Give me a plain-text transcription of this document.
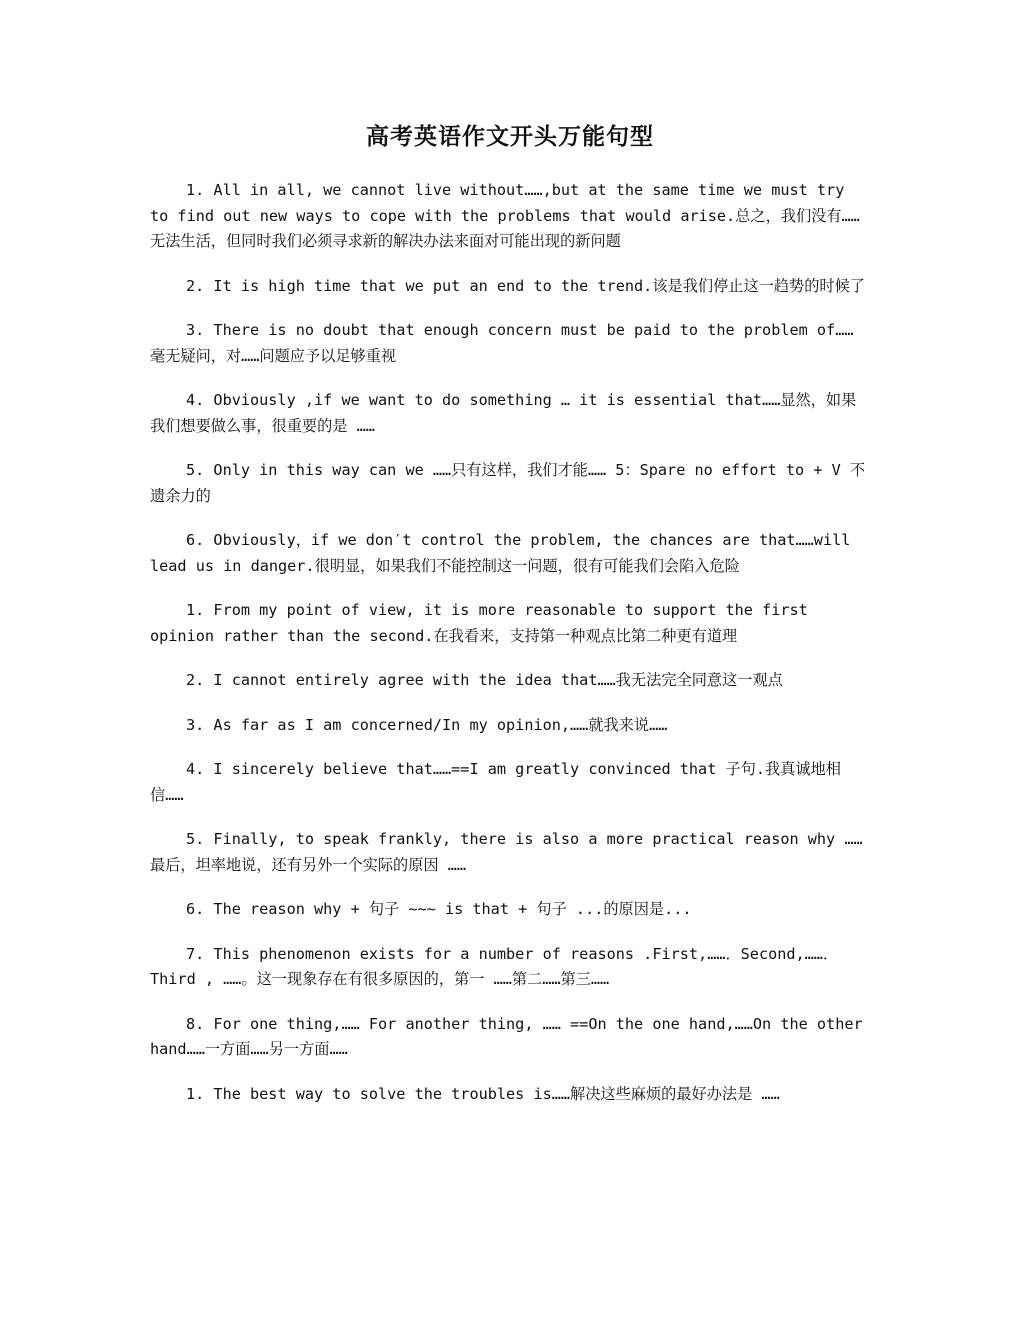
高考英语作文开头万能句型

1. All in all, we cannot live without……,but at the same time we must try to find out new ways to cope with the problems that would arise.总之，我们没有……无法生活，但同时我们必须寻求新的解决办法来面对可能出现的新问题

2. It is high time that we put an end to the trend.该是我们停止这一趋势的时候了

3. There is no doubt that enough concern must be paid to the problem of……毫无疑问，对……问题应予以足够重视

4. Obviously ,if we want to do something … it is essential that……显然，如果我们想要做么事，很重要的是 ……

5. Only in this way can we ……只有这样，我们才能…… 5：Spare no effort to + V 不遗余力的

6. Obviously，if we don′t control the problem, the chances are that……will lead us in danger.很明显，如果我们不能控制这一问题，很有可能我们会陷入危险

1. From my point of view, it is more reasonable to support the first opinion rather than the second.在我看来，支持第一种观点比第二种更有道理

2. I cannot entirely agree with the idea that……我无法完全同意这一观点

3. As far as I am concerned/In my opinion,……就我来说……

4. I sincerely believe that……==I am greatly convinced that 子句.我真诚地相信……

5. Finally, to speak frankly, there is also a more practical reason why ……最后，坦率地说，还有另外一个实际的原因 ……

6. The reason why + 句子 ~~~ is that + 句子 ...的原因是...

7. This phenomenon exists for a number of reasons .First,……．Second,……．Third , ……。这一现象存在有很多原因的，第一 ……第二……第三……

8. For one thing,…… For another thing, …… ==On the one hand,……On the other hand……一方面……另一方面……

1. The best way to solve the troubles is……解决这些麻烦的最好办法是 ……
